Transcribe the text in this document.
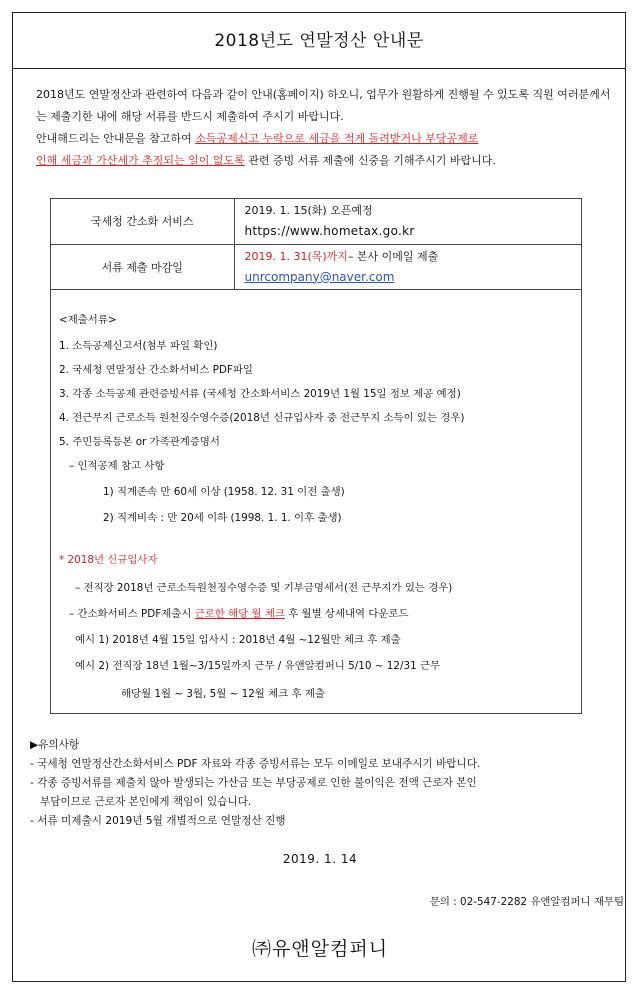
2018년도 연말정산 안내문

2018년도 연말정산과 관련하여 다음과 같이 안내(홈페이지) 하오니, 업무가 원활하게 진행될 수 있도록 직원 여러분께서는 제출기한 내에 해당 서류를 반드시 제출하여 주시기 바랍니다.

안내해드리는 안내문을 참고하여 소득공제신고 누락으로 세금을 적게 돌려받거나 부당공제로
인해 세금과 가산세가 추징되는 일이 없도록 관련 증빙 서류 제출에 신중을 기해주시기 바랍니다.

국세청 간소화 서비스	2019. 1. 15(화) 오픈예정
https://www.hometax.go.kr

서류 제출 마감일	2019. 1. 31(목)까지– 본사 이메일 제출
unrcompany@naver.com
<제출서류>
1. 소득공제신고서(첨부 파일 확인)
2. 국세청 연말정산 간소화서비스 PDF파일
3. 각종 소득공제 관련증빙서류 (국세청 간소화서비스 2019년 1월 15일 정보 제공 예정)
4. 전근무지 근로소득 원천징수영수증(2018년 신규입사자 중 전근무지 소득이 있는 경우)
5. 주민등록등본 or 가족관계증명서
– 인적공제 참고 사항
1) 직계존속 만 60세 이상 (1958. 12. 31 이전 출생)
2) 직계비속 : 만 20세 이하 (1998. 1. 1. 이후 출생)
* 2018년 신규입사자
– 전직장 2018년 근로소득원천징수영수증 및 기부금명세서(전 근무지가 있는 경우)
– 간소화서비스 PDF제출시 근로한 해당 월 체크 후 월별 상세내역 다운로드
예시 1) 2018년 4월 15일 입사시 : 2018년 4월 ~12월만 체크 후 제출
예시 2) 전직장 18년 1월~3/15일까지 근무 / 유앤알컴퍼니 5/10 ~ 12/31 근무
해당월 1월 ~ 3월, 5월 ~ 12월 체크 후 제출

▶유의사항

- 국세청 연말정산간소화서비스 PDF 자료와 각종 증빙서류는 모두 이메일로 보내주시기 바랍니다.

- 각종 증빙서류를 제출치 않아 발생되는 가산금 또는 부당공제로 인한 불이익은 전액 근로자 본인

부담이므로 근로자 본인에게 책임이 있습니다.

- 서류 미제출시 2019년 5월 개별적으로 연말정산 진행

2019. 1. 14
문의 : 02-547-2282 유앤알컴퍼니 재무팀
㈜유앤알컴퍼니
